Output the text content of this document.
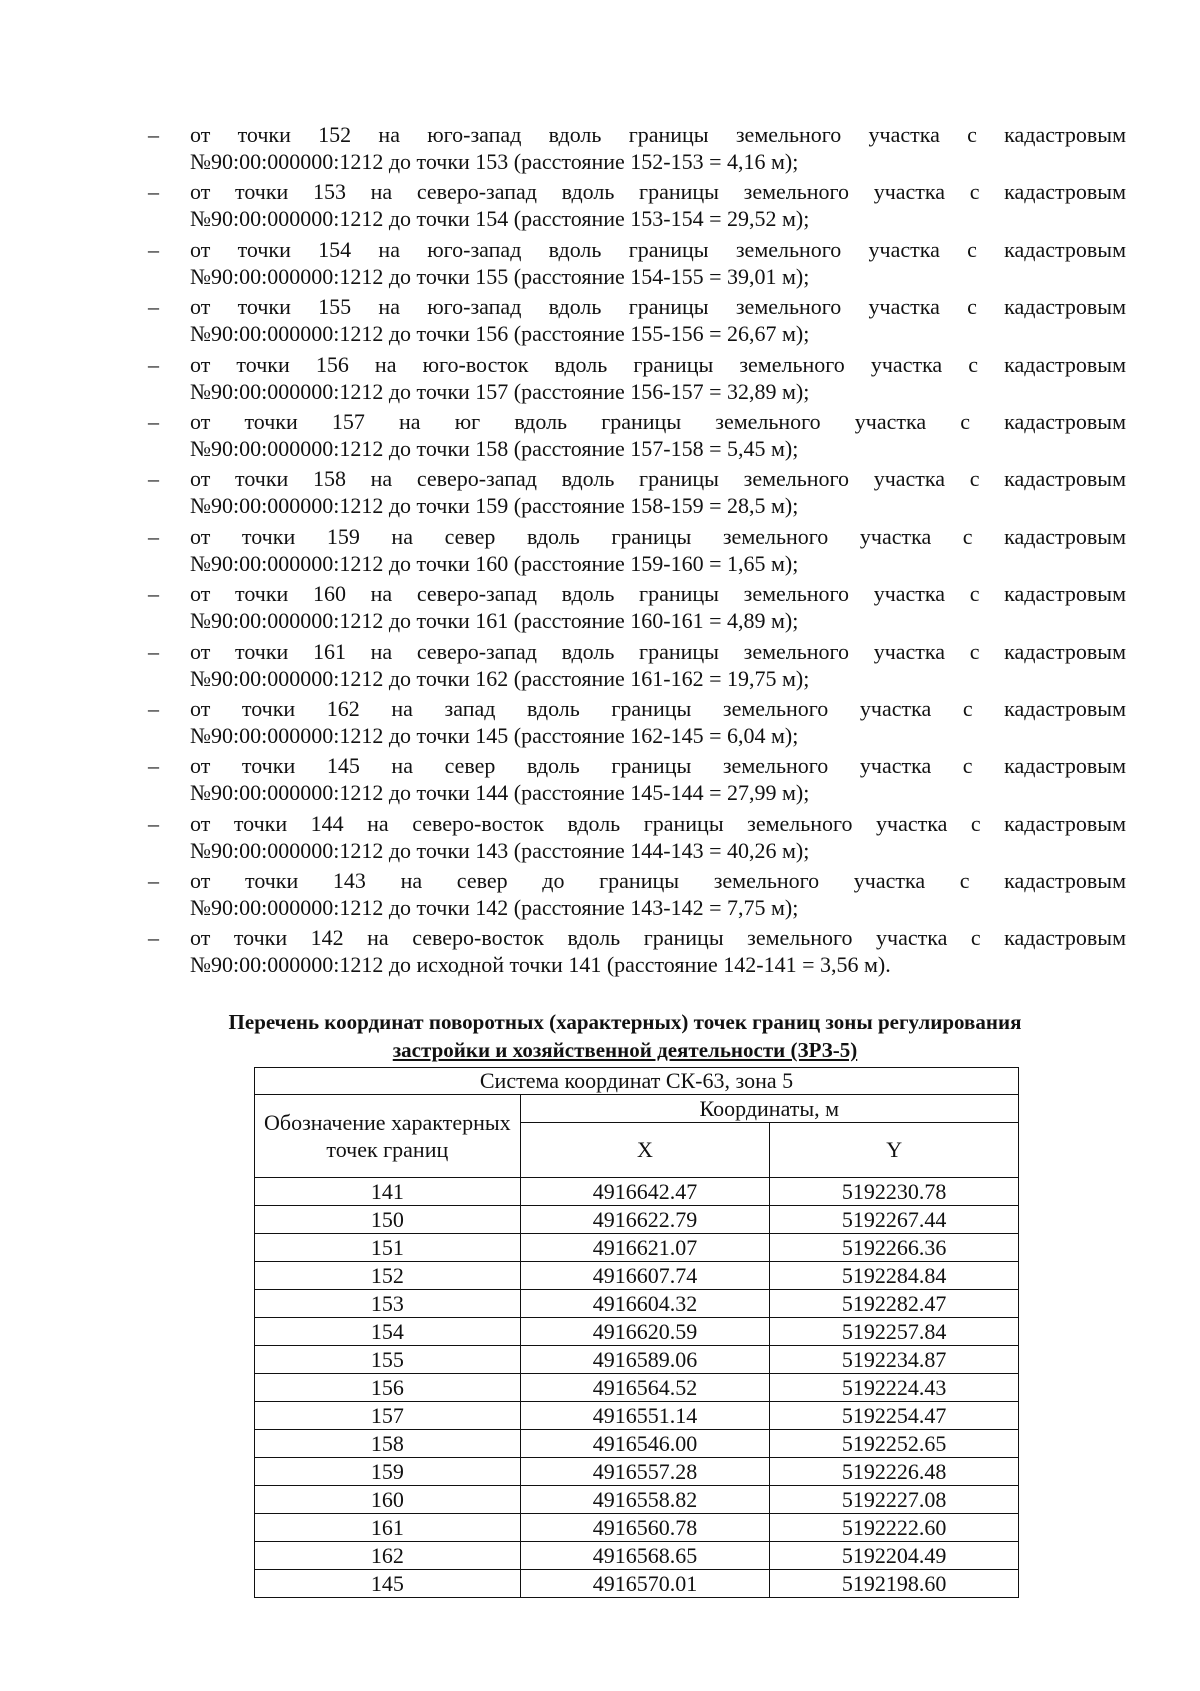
– от точки 152 на юго-запад вдоль границы земельного участка с кадастровым
№90:00:000000:1212 до точки 153 (расстояние 152-153 = 4,16 м);
– от точки 153 на северо-запад вдоль границы земельного участка с кадастровым
№90:00:000000:1212 до точки 154 (расстояние 153-154 = 29,52 м);
– от точки 154 на юго-запад вдоль границы земельного участка с кадастровым
№90:00:000000:1212 до точки 155 (расстояние 154-155 = 39,01 м);
– от точки 155 на юго-запад вдоль границы земельного участка с кадастровым
№90:00:000000:1212 до точки 156 (расстояние 155-156 = 26,67 м);
– от точки 156 на юго-восток вдоль границы земельного участка с кадастровым
№90:00:000000:1212 до точки 157 (расстояние 156-157 = 32,89 м);
– от точки 157 на юг вдоль границы земельного участка с кадастровым
№90:00:000000:1212 до точки 158 (расстояние 157-158 = 5,45 м);
– от точки 158 на северо-запад вдоль границы земельного участка с кадастровым
№90:00:000000:1212 до точки 159 (расстояние 158-159 = 28,5 м);
– от точки 159 на север вдоль границы земельного участка с кадастровым
№90:00:000000:1212 до точки 160 (расстояние 159-160 = 1,65 м);
– от точки 160 на северо-запад вдоль границы земельного участка с кадастровым
№90:00:000000:1212 до точки 161 (расстояние 160-161 = 4,89 м);
– от точки 161 на северо-запад вдоль границы земельного участка с кадастровым
№90:00:000000:1212 до точки 162 (расстояние 161-162 = 19,75 м);
– от точки 162 на запад вдоль границы земельного участка с кадастровым
№90:00:000000:1212 до точки 145 (расстояние 162-145 = 6,04 м);
– от точки 145 на север вдоль границы земельного участка с кадастровым
№90:00:000000:1212 до точки 144 (расстояние 145-144 = 27,99 м);
– от точки 144 на северо-восток вдоль границы земельного участка с кадастровым
№90:00:000000:1212 до точки 143 (расстояние 144-143 = 40,26 м);
– от точки 143 на север до границы земельного участка с кадастровым
№90:00:000000:1212 до точки 142 (расстояние 143-142 = 7,75 м);
– от точки 142 на северо-восток вдоль границы земельного участка с кадастровым
№90:00:000000:1212 до исходной точки 141 (расстояние 142-141 = 3,56 м).

Перечень координат поворотных (характерных) точек границ зоны регулирования
застройки и хозяйственной деятельности (ЗРЗ-5)

Система координат СК-63, зона 5		
Обозначение характерных точек границ	Координаты, м	
	X	Y
141	4916642.47	5192230.78
150	4916622.79	5192267.44
151	4916621.07	5192266.36
152	4916607.74	5192284.84
153	4916604.32	5192282.47
154	4916620.59	5192257.84
155	4916589.06	5192234.87
156	4916564.52	5192224.43
157	4916551.14	5192254.47
158	4916546.00	5192252.65
159	4916557.28	5192226.48
160	4916558.82	5192227.08
161	4916560.78	5192222.60
162	4916568.65	5192204.49
145	4916570.01	5192198.60
